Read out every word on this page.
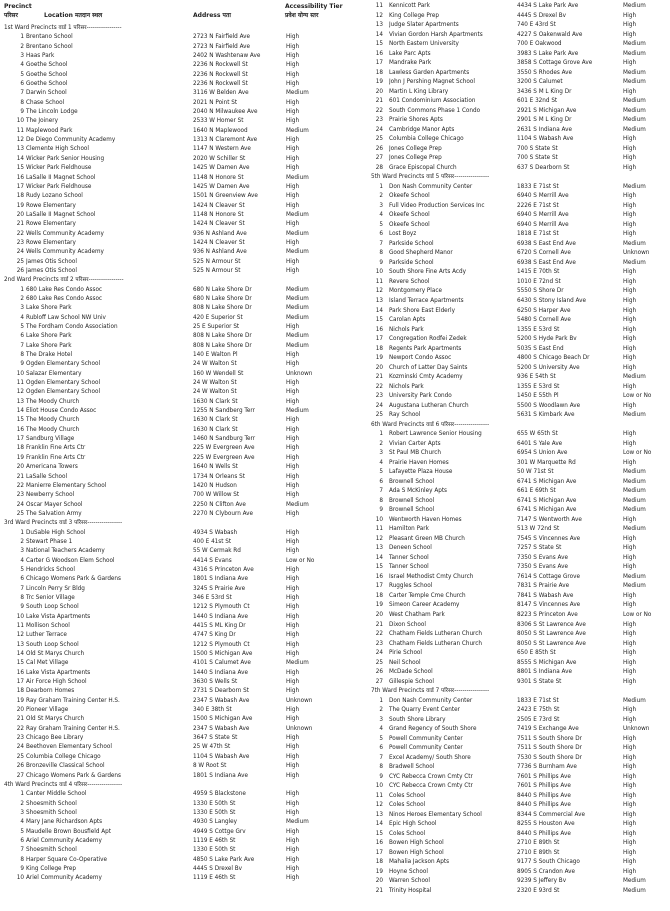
Precinct
परिसर	Location मतदान स्थल	Address पता
Accessibility Tier
प्रवेश योग्य स्तर
1st Ward Precincts वार्ड 1 परिसर-----------------
1 Brentano School	2723 N Fairfield Ave	High
2 Brentano School	2723 N Fairfield Ave	High
3 Haas Park	2402 N Washtenaw Ave	High
4 Goethe School	2236 N Rockwell St	High
5 Goethe School	2236 N Rockwell St	High
6 Goethe School	2236 N Rockwell St	High
7 Darwin School	3116 W Belden Ave	Medium
8 Chase School	2021 N Point St	High
9 The Lincoln Lodge	2040 N Milwaukee Ave	High
10 The Joinery	2533 W Homer St	High
11 Maplewood Park	1640 N Maplewood	Medium
12 De Diego Community Academy	1313 N Claremont Ave	High
13 Clemente High School	1147 N Western Ave	High
14 Wicker Park Senior Housing	2020 W Schiller St	High
15 Wicker Park Fieldhouse	1425 W Damen Ave	High
16 LaSalle II Magnet School	1148 N Honore St	Medium
17 Wicker Park Fieldhouse	1425 W Damen Ave	High
18 Rudy Lozano School	1501 N Greenview Ave	High
19 Rowe Elementary	1424 N Cleaver St	High
20 LaSalle II Magnet School	1148 N Honore St	Medium
21 Rowe Elementary	1424 N Cleaver St	High
22 Wells Community Academy	936 N Ashland Ave	Medium
23 Rowe Elementary	1424 N Cleaver St	High
24 Wells Community Academy	936 N Ashland Ave	Medium
25 James Otis School	525 N Armour St	High
26 James Otis School	525 N Armour St	High
2nd Ward Precincts वार्ड 2 परिसर-----------------
1 680 Lake Res Condo Assoc	680 N Lake Shore Dr	Medium
2 680 Lake Res Condo Assoc	680 N Lake Shore Dr	Medium
3 Lake Shore Park	808 N Lake Shore Dr	Medium
4 Rubloff Law School NW Univ	420 E Superior St	Medium
5 The Fordham Condo Association	25 E Superior St	High
6 Lake Shore Park	808 N Lake Shore Dr	Medium
7 Lake Shore Park	808 N Lake Shore Dr	Medium
8 The Drake Hotel	140 E Walton Pl	High
9 Ogden Elementary School	24 W Walton St	High
10 Salazar Elementary	160 W Wendell St	Unknown
11 Ogden Elementary School	24 W Walton St	High
12 Ogden Elementary School	24 W Walton St	High
13 The Moody Church	1630 N Clark St	High
14 Eliot House Condo Assoc	1255 N Sandberg Terr	Medium
15 The Moody Church	1630 N Clark St	High
16 The Moody Church	1630 N Clark St	High
17 Sandburg Village	1460 N Sandburg Terr	High
18 Franklin Fine Arts Ctr	225 W Evergreen Ave	High
19 Franklin Fine Arts Ctr	225 W Evergreen Ave	High
20 Americana Towers	1640 N Wells St	High
21 LaSalle School	1734 N Orleans St	High
22 Manierre Elementary School	1420 N Hudson	High
23 Newberry School	700 W Willow St	High
24 Oscar Mayer School	2250 N Clifton Ave	Medium
25 The Salvation Army	2270 N Clybourn Ave	High
3rd Ward Precincts वार्ड 3 परिसर-----------------
1 DuSable High School	4934 S Wabash	High
2 Stewart Phase 1	400 E 41st St	High
3 National Teachers Academy	55 W Cermak Rd	High
4 Carter G Woodson Elem School	4414 S Evans	Low or No
5 Hendricks School	4316 S Princeton Ave	High
6 Chicago Womens Park & Gardens	1801 S Indiana Ave	High
7 Lincoln Perry Sr Bldg	3245 S Prairie Ave	High
8 Trc Senior Village	346 E 53rd St	High
9 South Loop School	1212 S Plymouth Ct	High
10 Lake Vista Apartments	1440 S Indiana Ave	High
11 Mollison School	4415 S ML King Dr	High
12 Luther Terrace	4747 S King Dr	High
13 South Loop School	1212 S Plymouth Ct	High
14 Old St Marys Church	1500 S Michigan Ave	High
15 Cal Met Village	4101 S Calumet Ave	Medium
16 Lake Vista Apartments	1440 S Indiana Ave	High
17 Air Force High School	3630 S Wells St	High
18 Dearborn Homes	2731 S Dearborn St	High
19 Ray Graham Training Center H.S.	2347 S Wabash Ave	Unknown
20 Pioneer Village	340 E 38th St	High
21 Old St Marys Church	1500 S Michigan Ave	High
22 Ray Graham Training Center H.S.	2347 S Wabash Ave	Unknown
23 Chicago Bee Library	3647 S State St	High
24 Beethoven Elementary School	25 W 47th St	High
25 Columbia College Chicago	1104 S Wabash Ave	High
26 Bronzeville Classical School	8 W Root St	High
27 Chicago Womens Park & Gardens	1801 S Indiana Ave	High
4th Ward Precincts वार्ड 4 परिसर-----------------
1 Canter Middle School	4959 S Blackstone	High
2 Shoesmith School	1330 E 50th St	High
3 Shoesmith School	1330 E 50th St	High
4 Mary Jane Richardson Apts	4930 S Langley	Medium
5 Maudelle Brown Bousfield Apt	4949 S Cottge Grv	High
6 Ariel Community Academy	1119 E 46th St	High
7 Shoesmith School	1330 E 50th St	High
8 Harper Square Co-Operative	4850 S Lake Park Ave	High
9 King College Prep	4445 S Drexel Bv	High
10 Ariel Community Academy	1119 E 46th St	High
11 Kennicott Park	4434 S Lake Park Ave	Medium
12 King College Prep	4445 S Drexel Bv	High
13 Judge Slater Apartments	740 E 43rd St	High
14 Vivian Gordon Harsh Apartments	4227 S Oakenwald Ave	High
15 North Eastern University	700 E Oakwood	Medium
16 Lake Parc Apts	3983 S Lake Park Ave	Medium
17 Mandrake Park	3858 S Cottage Grove Ave	High
18 Lawless Garden Apartments	3550 S Rhodes Ave	Medium
19 John J Pershing Magnet School	3200 S Calumet	Medium
20 Martin L King Library	3436 S M L King Dr	High
21 601 Condominium Association	601 E 32nd St	Medium
22 South Commons Phase 1 Condo	2921 S Michigan Ave	Medium
23 Prairie Shores Apts	2901 S M L King Dr	Medium
24 Cambridge Manor Apts	2631 S Indiana Ave	Medium
25 Columbia College Chicago	1104 S Wabash Ave	High
26 Jones College Prep	700 S State St	High
27 Jones College Prep	700 S State St	High
28 Grace Episcopal Church	637 S Dearborn St	High
5th Ward Precincts वार्ड 5 परिसर-----------------
1 Don Nash Community Center	1833 E 71st St	Medium
2 Okeefe School	6940 S Merrill Ave	High
3 Full Video Production Services Inc	2226 E 71st St	High
4 Okeefe School	6940 S Merrill Ave	High
5 Okeefe School	6940 S Merrill Ave	High
6 Lost Boyz	1818 E 71st St	High
7 Parkside School	6938 S East End Ave	Medium
8 Good Shepherd Manor	6720 S Cornell Ave	Unknown
9 Parkside School	6938 S East End Ave	Medium
10 South Shore Fine Arts Acdy	1415 E 70th St	High
11 Revere School	1010 E 72nd St	High
12 Montgomery Place	5550 S Shore Dr	High
13 Island Terrace Apartments	6430 S Stony Island Ave	High
14 Park Shore East Elderly	6250 S Harper Ave	High
15 Carolan Apts	5480 S Cornell Ave	High
16 Nichols Park	1355 E 53rd St	High
17 Congregation Rodfei Zedek	5200 S Hyde Park Bv	High
18 Regents Park Apartments	5035 S East End	High
19 Newport Condo Assoc	4800 S Chicago Beach Dr	High
20 Church of Latter Day Saints	5200 S University Ave	High
21 Kozminski Cmty Academy	936 E 54th St	Medium
22 Nichols Park	1355 E 53rd St	High
23 University Park Condo	1450 E 55th Pl	Low or No
24 Augustana Lutheran Church	5500 S Woodlawn Ave	High
25 Ray School	5631 S Kimbark Ave	Medium
6th Ward Precincts वार्ड 6 परिसर-----------------
1 Robert Lawrence Senior Housing	655 W 65th St	High
2 Vivian Carter Apts	6401 S Yale Ave	High
3 St Paul MB Church	6954 S Union Ave	Low or No
4 Prairie Haven Homes	301 W Marquette Rd	High
5 Lafayette Plaza House	50 W 71st St	Medium
6 Brownell School	6741 S Michigan Ave	Medium
7 Ada S McKinley Apts	661 E 69th St	Medium
8 Brownell School	6741 S Michigan Ave	Medium
9 Brownell School	6741 S Michigan Ave	Medium
10 Wentworth Haven Homes	7147 S Wentworth Ave	High
11 Hamilton Park	513 W 72nd St	Medium
12 Pleasant Green MB Church	7545 S Vincennes Ave	High
13 Deneen School	7257 S State St	High
14 Tanner School	7350 S Evans Ave	High
15 Tanner School	7350 S Evans Ave	High
16 Israel Methodist Cmty Church	7614 S Cottage Grove	Medium
17 Ruggles School	7831 S Prairie Ave	Medium
18 Carter Temple Cme Church	7841 S Wabash Ave	High
19 Simeon Career Academy	8147 S Vincennes Ave	High
20 West Chatham Park	8223 S Princeton Ave	Low or No
21 Dixon School	8306 S St Lawrence Ave	High
22 Chatham Fields Lutheran Church	8050 S St Lawrence Ave	High
23 Chatham Fields Lutheran Church	8050 S St Lawrence Ave	High
24 Pirie School	650 E 85th St	High
25 Neil School	8555 S Michigan Ave	High
26 McDade School	8801 S Indiana Ave	High
27 Gillespie School	9301 S State St	High
7th Ward Precincts वार्ड 7 परिसर-----------------
1 Don Nash Community Center	1833 E 71st St	Medium
2 The Quarry Event Center	2423 E 75th St	High
3 South Shore Library	2505 E 73rd St	High
4 Grand Regency of South Shore	7419 S Exchange Ave	Unknown
5 Powell Community Center	7511 S South Shore Dr	High
6 Powell Community Center	7511 S South Shore Dr	High
7 Excel Academy/ South Shore	7530 S South Shore Dr	High
8 Bradwell School	7736 S Burnham Ave	High
9 CYC Rebecca Crown Cmty Ctr	7601 S Phillips Ave	High
10 CYC Rebecca Crown Cmty Ctr	7601 S Phillips Ave	High
11 Coles School	8440 S Phillips Ave	High
12 Coles School	8440 S Phillips Ave	High
13 Ninos Heroes Elementary School	8344 S Commercial Ave	High
14 Epic High School	8255 S Houston Ave	High
15 Coles School	8440 S Phillips Ave	High
16 Bowen High School	2710 E 89th St	High
17 Bowen High School	2710 E 89th St	High
18 Mahalia Jackson Apts	9177 S South Chicago	High
19 Hoyne School	8905 S Crandon Ave	High
20 Warren School	9239 S Jeffery Bv	Medium
21 Trinity Hospital	2320 E 93rd St	Medium
